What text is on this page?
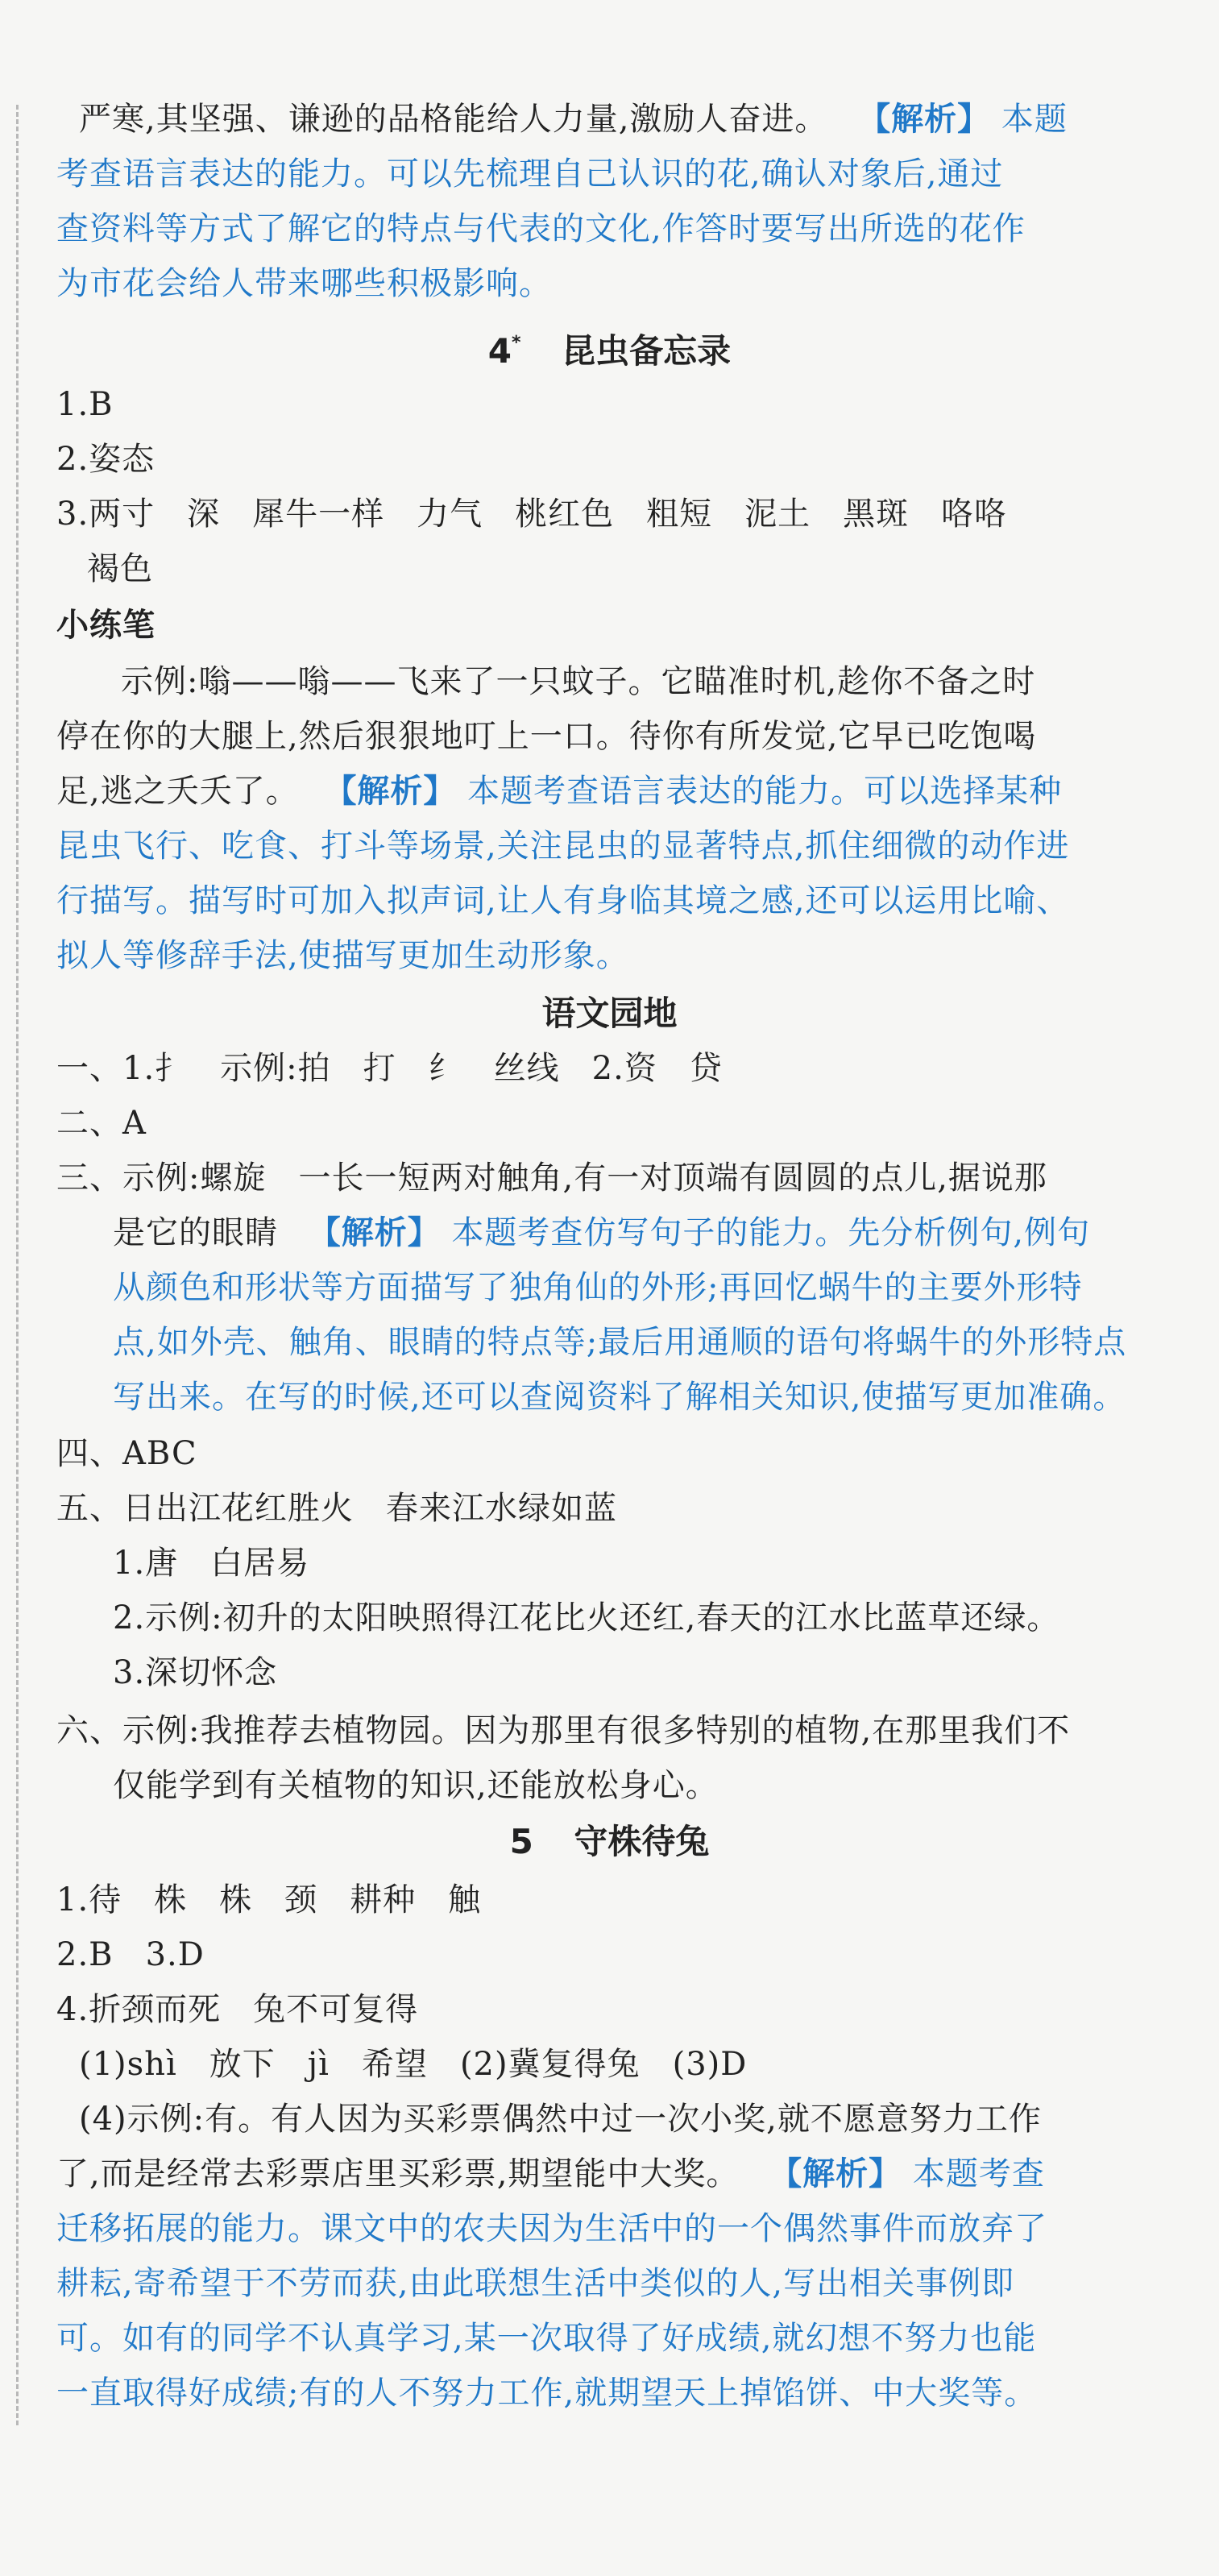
严寒,其坚强、谦逊的品格能给人力量,激励人奋进。 【解析】 本题
考查语言表达的能力。可以先梳理自己认识的花,确认对象后,通过
查资料等方式了解它的特点与代表的文化,作答时要写出所选的花作
为市花会给人带来哪些积极影响。
4* 昆虫备忘录
1.B
2.姿态
3.两寸 深 犀牛一样 力气 桃红色 粗短 泥土 黑斑 咯咯
褐色
小练笔
示例:嗡——嗡——飞来了一只蚊子。它瞄准时机,趁你不备之时
停在你的大腿上,然后狠狠地叮上一口。待你有所发觉,它早已吃饱喝
足,逃之夭夭了。 【解析】 本题考查语言表达的能力。可以选择某种
昆虫飞行、吃食、打斗等场景,关注昆虫的显著特点,抓住细微的动作进
行描写。描写时可加入拟声词,让人有身临其境之感,还可以运用比喻、
拟人等修辞手法,使描写更加生动形象。
语文园地
一、1.扌 示例:拍 打 纟 丝线 2.资 贷
二、A
三、示例:螺旋 一长一短两对触角,有一对顶端有圆圆的点儿,据说那
是它的眼睛 【解析】 本题考查仿写句子的能力。先分析例句,例句
从颜色和形状等方面描写了独角仙的外形;再回忆蜗牛的主要外形特
点,如外壳、触角、眼睛的特点等;最后用通顺的语句将蜗牛的外形特点
写出来。在写的时候,还可以查阅资料了解相关知识,使描写更加准确。
四、ABC
五、日出江花红胜火 春来江水绿如蓝
1.唐 白居易
2.示例:初升的太阳映照得江花比火还红,春天的江水比蓝草还绿。
3.深切怀念
六、示例:我推荐去植物园。因为那里有很多特别的植物,在那里我们不
仅能学到有关植物的知识,还能放松身心。
5 守株待兔
1.待 株 株 颈 耕种 触
2.B 3.D
4.折颈而死 兔不可复得
(1)shì 放下 jì 希望 (2)冀复得兔 (3)D
(4)示例:有。有人因为买彩票偶然中过一次小奖,就不愿意努力工作
了,而是经常去彩票店里买彩票,期望能中大奖。 【解析】 本题考查
迁移拓展的能力。课文中的农夫因为生活中的一个偶然事件而放弃了
耕耘,寄希望于不劳而获,由此联想生活中类似的人,写出相关事例即
可。如有的同学不认真学习,某一次取得了好成绩,就幻想不努力也能
一直取得好成绩;有的人不努力工作,就期望天上掉馅饼、中大奖等。
